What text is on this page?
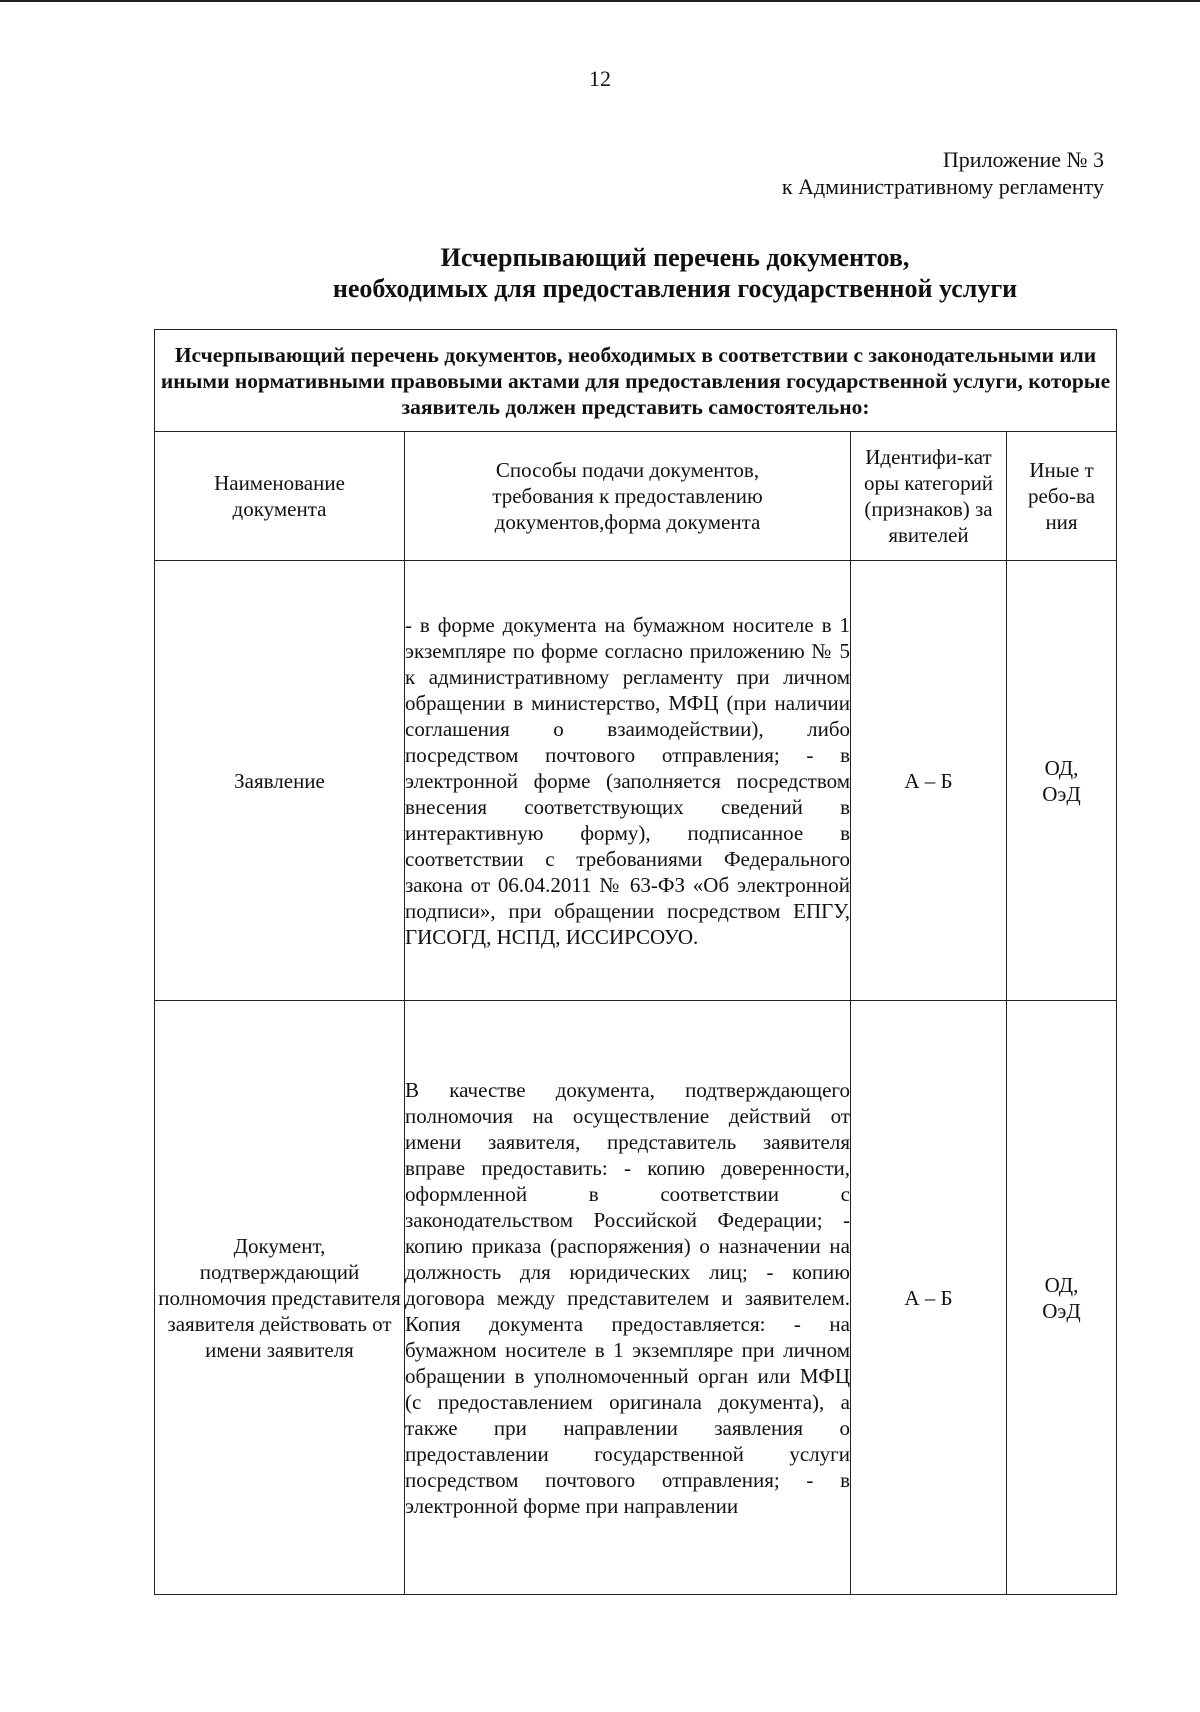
12
Приложение № 3
к Административному регламенту
Исчерпывающий перечень документов,
необходимых для предоставления государственной услуги
Исчерпывающий перечень документов, необходимых в соответствии с законодательными или иными нормативными правовыми актами для предоставления государственной услуги, которые заявитель должен представить самостоятельно:			
Наименование документа	Способы подачи документов, требования к предоставлению документов,форма документа	Идентифи-каторы категорий (признаков) заявителей	Иные требо-вания
Заявление	- в форме документа на бумажном носителе в 1 экземпляре по форме согласно приложению № 5 к административному регламенту при личном обращении в министерство, МФЦ (при наличии соглашения о взаимодействии), либо посредством почтового отправления; - в электронной форме (заполняется посредством внесения соответствующих сведений в интерактивную форму), подписанное в соответствии с требованиями Федерального закона от 06.04.2011 № 63-ФЗ «Об электронной подписи», при обращении посредством ЕПГУ, ГИСОГД, НСПД, ИССИРСОУО.	А – Б	ОД, ОэД
Документ, подтверждающий полномочия представителя заявителя действовать от имени заявителя	В качестве документа, подтверждающего полномочия на осуществление действий от имени заявителя, представитель заявителя вправе предоставить: - копию доверенности, оформленной в соответствии с законодательством Российской Федерации; - копию приказа (распоряжения) о назначении на должность для юридических лиц; - копию договора между представителем и заявителем. Копия документа предоставляется: - на бумажном носителе в 1 экземпляре при личном обращении в уполномоченный орган или МФЦ (с предоставлением оригинала документа), а также при направлении заявления о предоставлении государственной услуги посредством почтового отправления; - в электронной форме при направлении	А – Б	ОД, ОэД
